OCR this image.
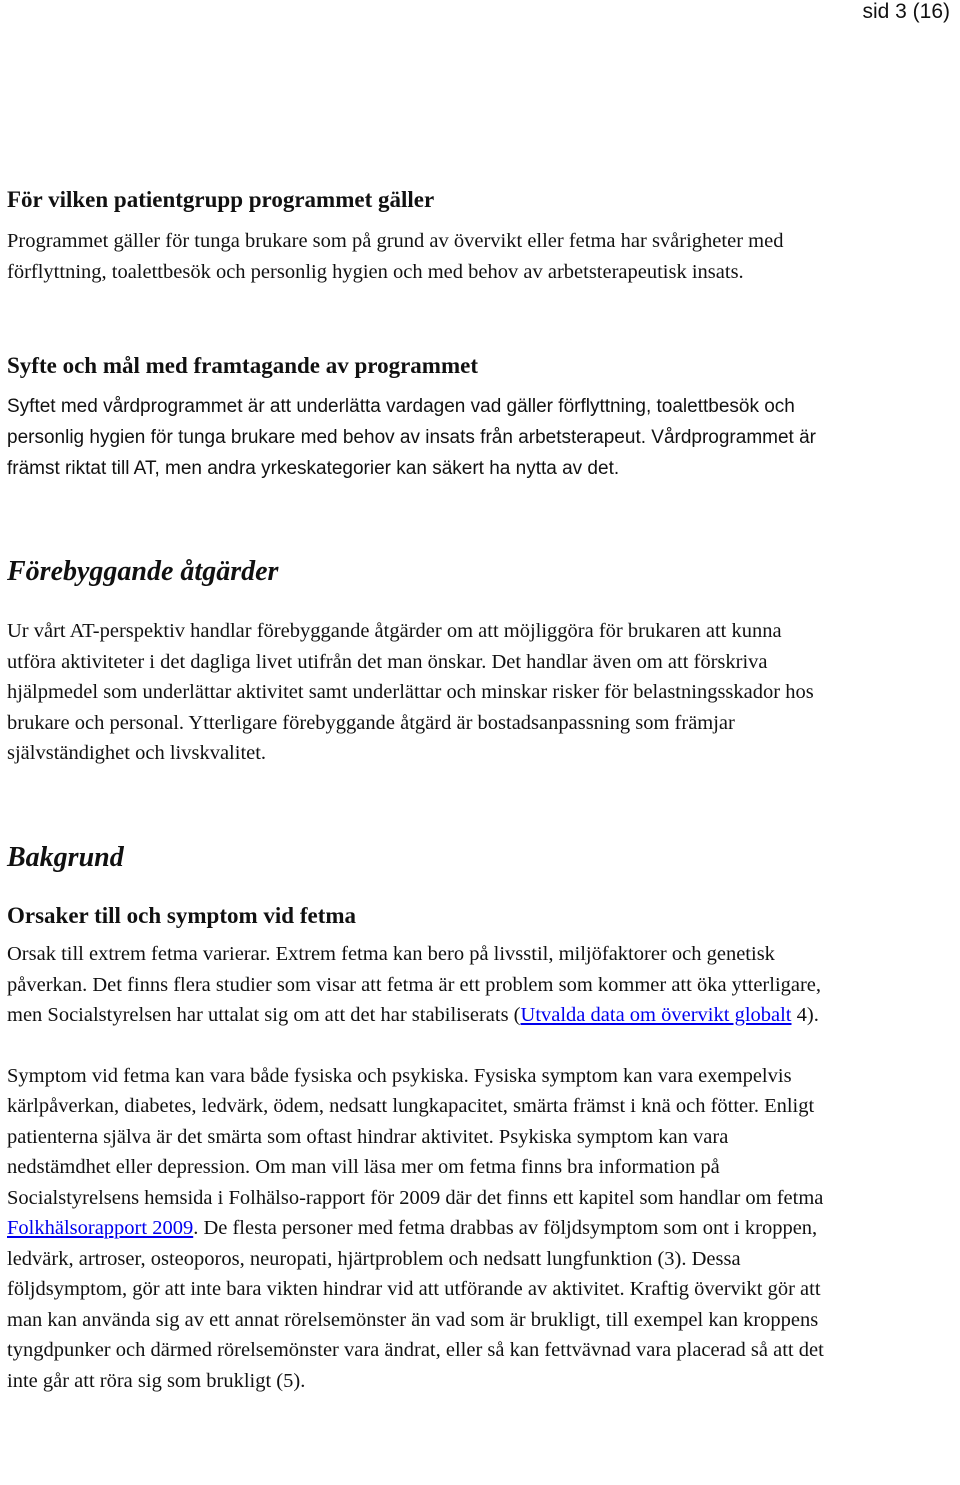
sid 3 (16)
För vilken patientgrupp programmet gäller

Programmet gäller för tunga brukare som på grund av övervikt eller fetma har svårigheter med förflyttning, toalettbesök och personlig hygien och med behov av arbetsterapeutisk insats.

Syfte och mål med framtagande av programmet

Syftet med vårdprogrammet är att underlätta vardagen vad gäller förflyttning, toalettbesök och personlig hygien för tunga brukare med behov av insats från arbetsterapeut. Vårdprogrammet är främst riktat till AT, men andra yrkeskategorier kan säkert ha nytta av det.

Förebyggande åtgärder

Ur vårt AT-perspektiv handlar förebyggande åtgärder om att möjliggöra för brukaren att kunna utföra aktiviteter i det dagliga livet utifrån det man önskar. Det handlar även om att förskriva hjälpmedel som underlättar aktivitet samt underlättar och minskar risker för belastningsskador hos brukare och personal. Ytterligare förebyggande åtgärd är bostadsanpassning som främjar självständighet och livskvalitet.

Bakgrund
Orsaker till och symptom vid fetma

Orsak till extrem fetma varierar. Extrem fetma kan bero på livsstil, miljöfaktorer och genetisk påverkan. Det finns flera studier som visar att fetma är ett problem som kommer att öka ytterligare, men Socialstyrelsen har uttalat sig om att det har stabiliserats (Utvalda data om övervikt globalt 4).

Symptom vid fetma kan vara både fysiska och psykiska. Fysiska symptom kan vara exempelvis kärlpåverkan, diabetes, ledvärk, ödem, nedsatt lungkapacitet, smärta främst i knä och fötter. Enligt patienterna själva är det smärta som oftast hindrar aktivitet. Psykiska symptom kan vara nedstämdhet eller depression. Om man vill läsa mer om fetma finns bra information på Socialstyrelsens hemsida i Folhälso-rapport för 2009 där det finns ett kapitel som handlar om fetma Folkhälsorapport 2009. De flesta personer med fetma drabbas av följdsymptom som ont i kroppen, ledvärk, artroser, osteoporos, neuropati, hjärtproblem och nedsatt lungfunktion (3). Dessa följdsymptom, gör att inte bara vikten hindrar vid att utförande av aktivitet. Kraftig övervikt gör att man kan använda sig av ett annat rörelsemönster än vad som är brukligt, till exempel kan kroppens tyngdpunker och därmed rörelsemönster vara ändrat, eller så kan fettvävnad vara placerad så att det inte går att röra sig som brukligt (5).
